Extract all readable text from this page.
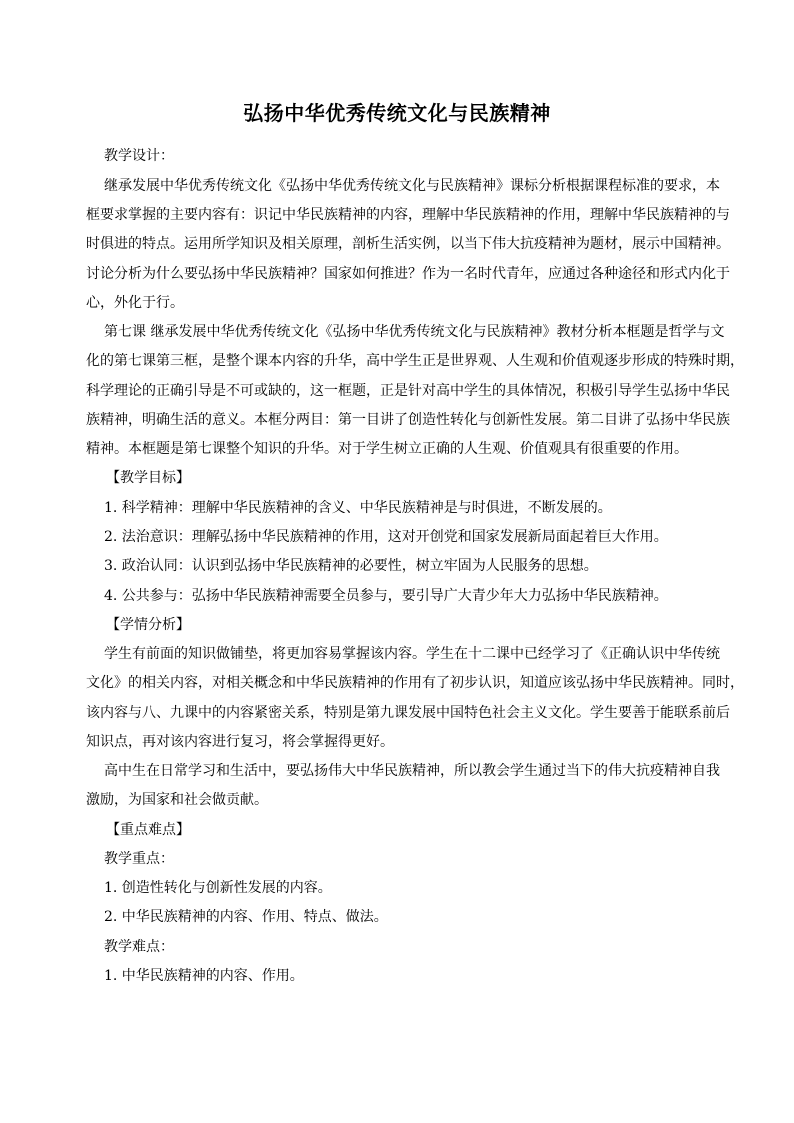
弘扬中华优秀传统文化与民族精神
教学设计：
继承发展中华优秀传统文化《弘扬中华优秀传统文化与民族精神》课标分析根据课程标准的要求，本
框要求掌握的主要内容有：识记中华民族精神的内容，理解中华民族精神的作用，理解中华民族精神的与
时俱进的特点。运用所学知识及相关原理，剖析生活实例，以当下伟大抗疫精神为题材，展示中国精神。
讨论分析为什么要弘扬中华民族精神？国家如何推进？作为一名时代青年，应通过各种途径和形式内化于
心，外化于行。
第七课 继承发展中华优秀传统文化《弘扬中华优秀传统文化与民族精神》教材分析本框题是哲学与文
化的第七课第三框，是整个课本内容的升华，高中学生正是世界观、人生观和价值观逐步形成的特殊时期，
科学理论的正确引导是不可或缺的，这一框题，正是针对高中学生的具体情况，积极引导学生弘扬中华民
族精神，明确生活的意义。本框分两目：第一目讲了创造性转化与创新性发展。第二目讲了弘扬中华民族
精神。本框题是第七课整个知识的升华。对于学生树立正确的人生观、价值观具有很重要的作用。
【教学目标】
1. 科学精神：理解中华民族精神的含义、中华民族精神是与时俱进，不断发展的。
2. 法治意识：理解弘扬中华民族精神的作用，这对开创党和国家发展新局面起着巨大作用。
3. 政治认同：认识到弘扬中华民族精神的必要性，树立牢固为人民服务的思想。
4. 公共参与：弘扬中华民族精神需要全员参与，要引导广大青少年大力弘扬中华民族精神。
【学情分析】
学生有前面的知识做铺垫，将更加容易掌握该内容。学生在十二课中已经学习了《正确认识中华传统
文化》的相关内容，对相关概念和中华民族精神的作用有了初步认识，知道应该弘扬中华民族精神。同时，
该内容与八、九课中的内容紧密关系，特别是第九课发展中国特色社会主义文化。学生要善于能联系前后
知识点，再对该内容进行复习，将会掌握得更好。
高中生在日常学习和生活中，要弘扬伟大中华民族精神，所以教会学生通过当下的伟大抗疫精神自我
激励，为国家和社会做贡献。
【重点难点】
教学重点：
1. 创造性转化与创新性发展的内容。
2. 中华民族精神的内容、作用、特点、做法。
教学难点：
1. 中华民族精神的内容、作用。
